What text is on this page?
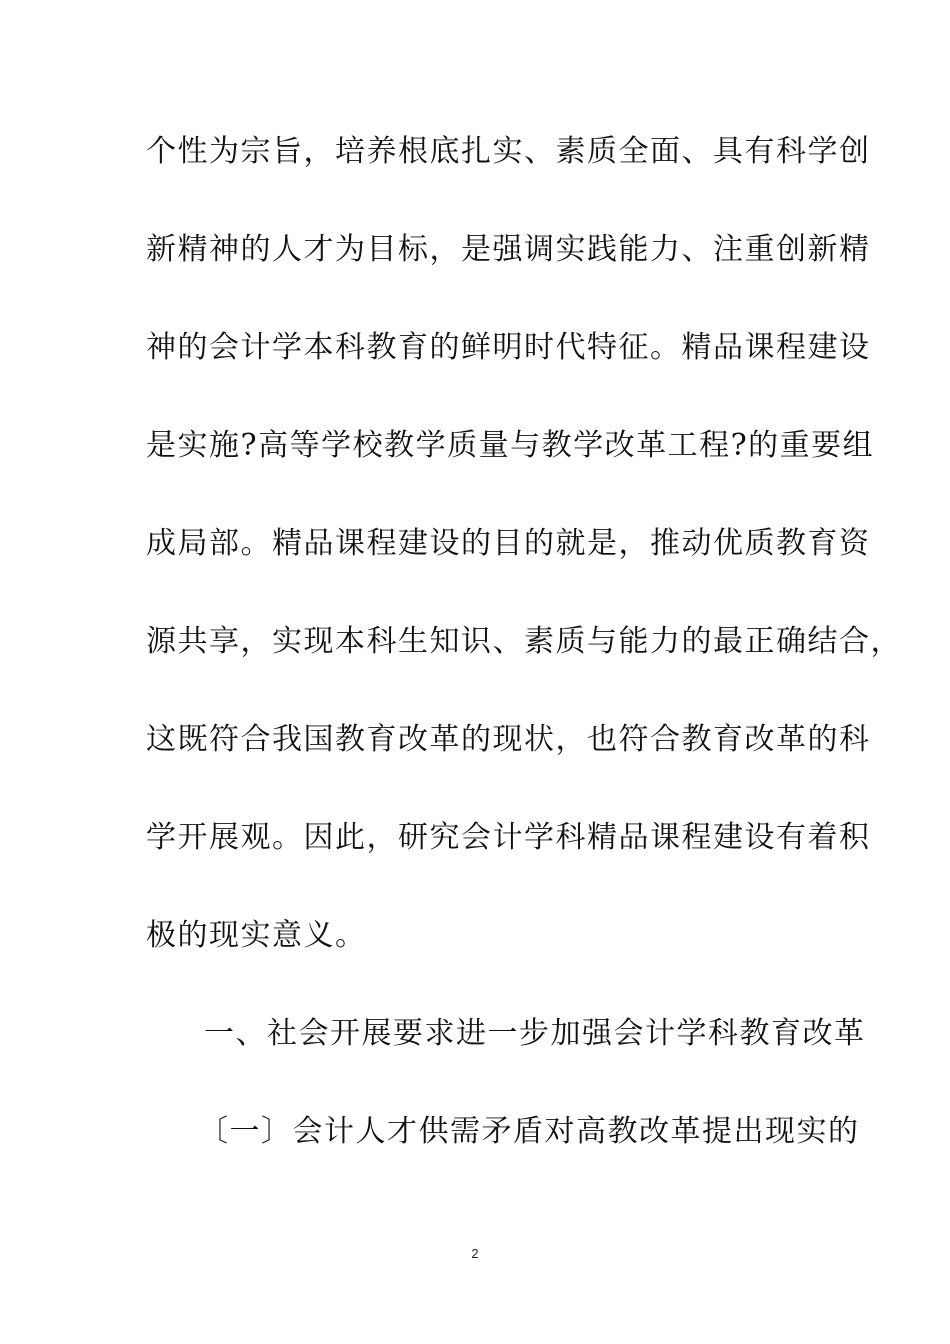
个性为宗旨，培养根底扎实、素质全面、具有科学创
新精神的人才为目标，是强调实践能力、注重创新精
神的会计学本科教育的鲜明时代特征。精品课程建设
是实施?高等学校教学质量与教学改革工程?的重要组
成局部。精品课程建设的目的就是，推动优质教育资
源共享，实现本科生知识、素质与能力的最正确结合，
这既符合我国教育改革的现状，也符合教育改革的科
学开展观。因此，研究会计学科精品课程建设有着积
极的现实意义。
一、社会开展要求进一步加强会计学科教育改革
〔一〕会计人才供需矛盾对高教改革提出现实的
2
